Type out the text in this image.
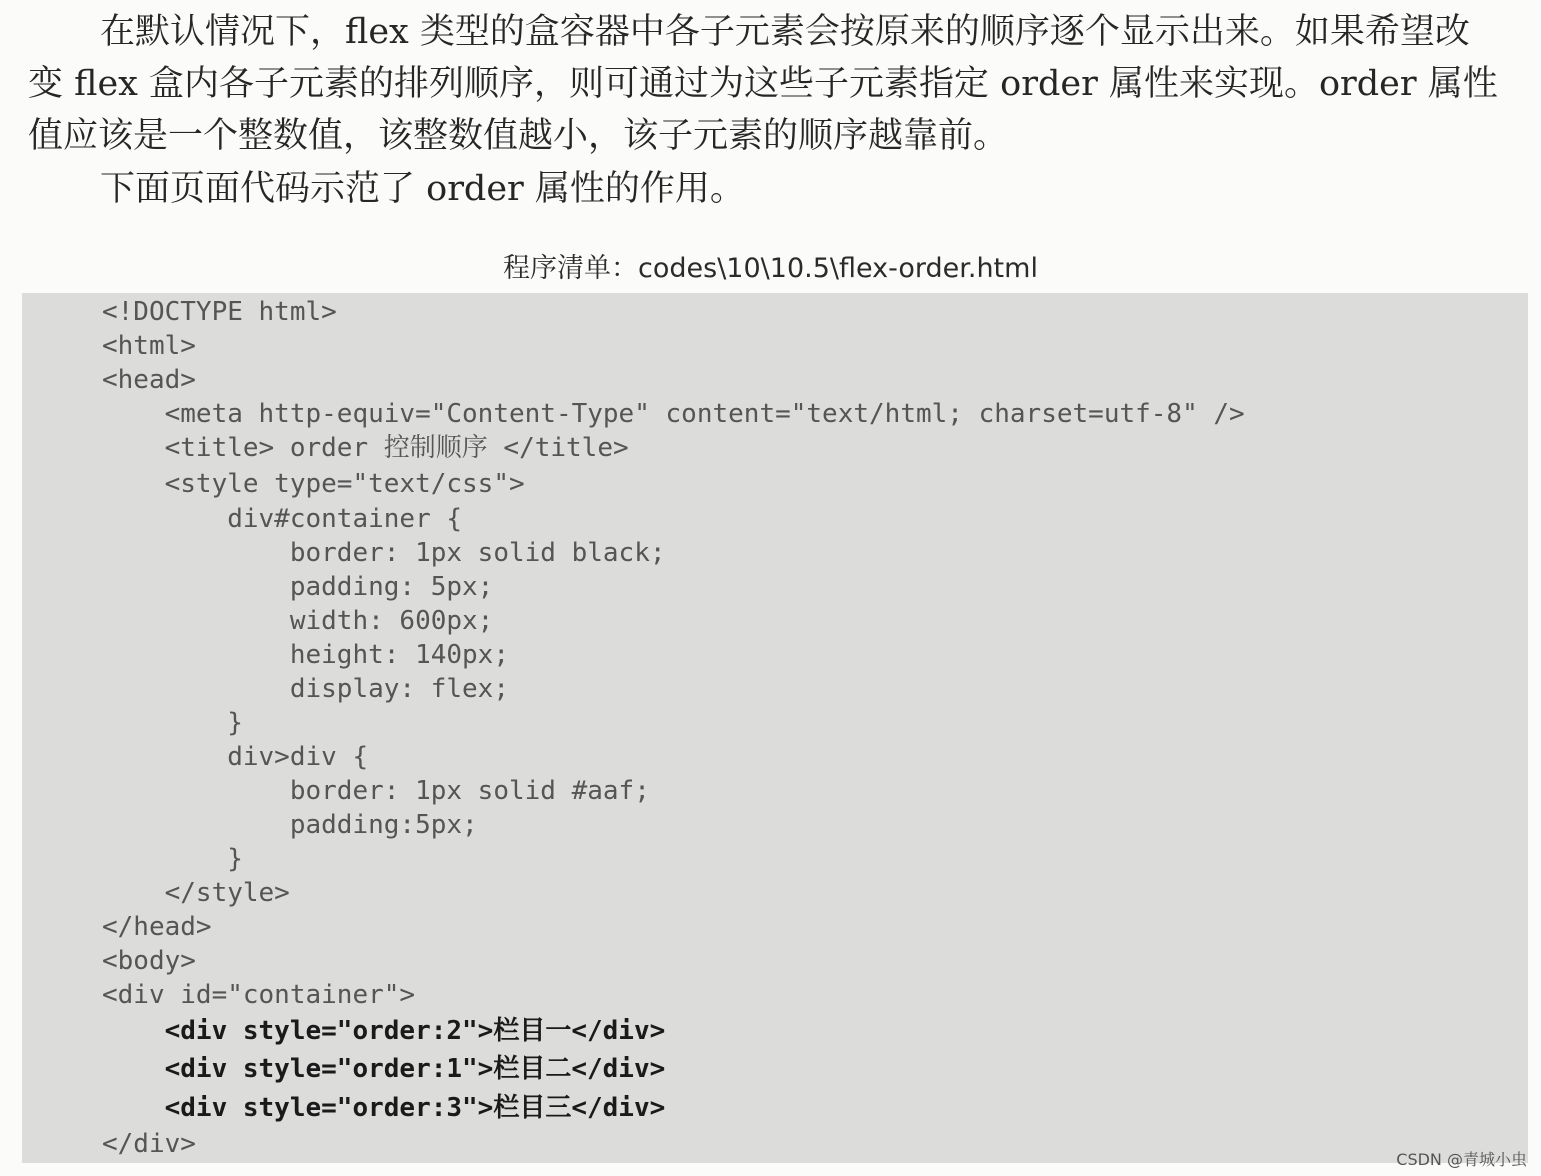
在默认情况下，flex 类型的盒容器中各子元素会按原来的顺序逐个显示出来。如果希望改

变 flex 盒内各子元素的排列顺序，则可通过为这些子元素指定 order 属性来实现。order 属性

值应该是一个整数值，该整数值越小，该子元素的顺序越靠前。

下面页面代码示范了 order 属性的作用。

程序清单：codes\10\10.5\flex-order.html

<!DOCTYPE html>
<html>
<head>
<meta http-equiv="Content-Type" content="text/html; charset=utf-8" />
<title> order 控制顺序 </title>
<style type="text/css">
div#container {
border: 1px solid black;
padding: 5px;
width: 600px;
height: 140px;
display: flex;
}
div>div {
border: 1px solid #aaf;
padding:5px;
}
</style>
</head>
<body>
<div id="container">
<div style="order:2">栏目一</div>
<div style="order:1">栏目二</div>
<div style="order:3">栏目三</div>
</div>

CSDN @青城小虫
